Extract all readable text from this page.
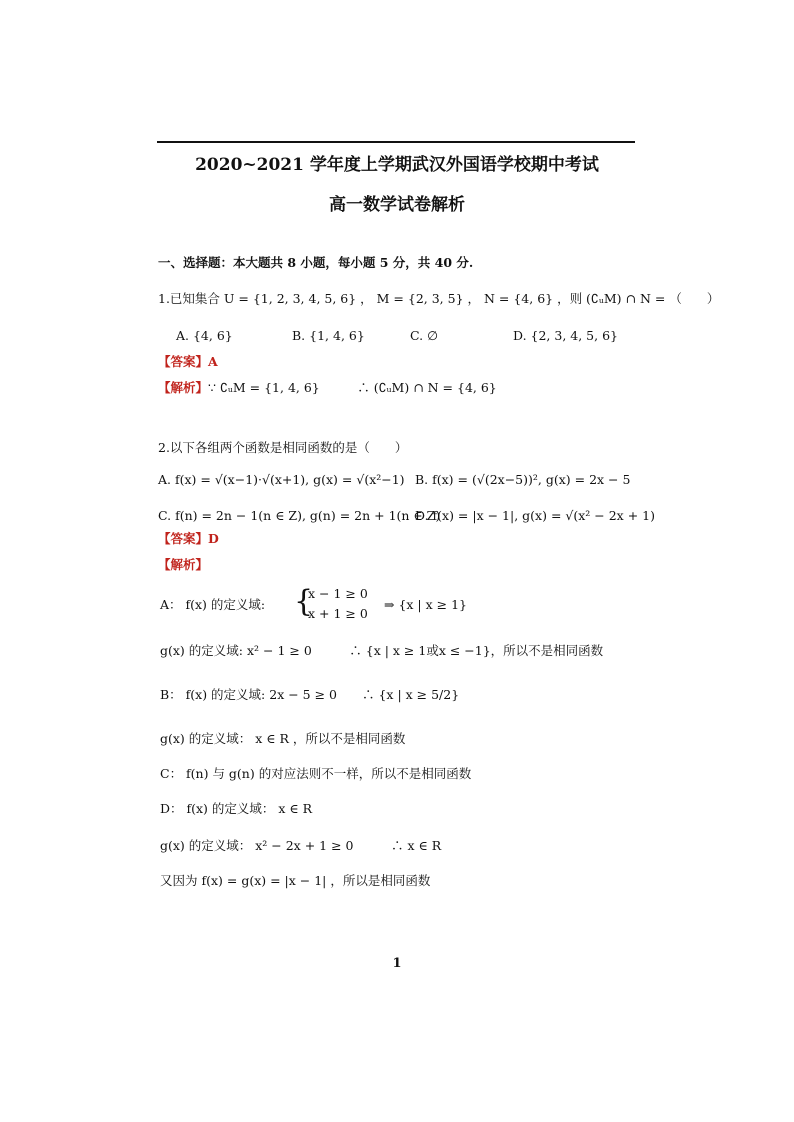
2020~2021 学年度上学期武汉外国语学校期中考试
高一数学试卷解析
一、选择题：本大题共 8 小题，每小题 5 分，共 40 分.
1.已知集合 U = {1, 2, 3, 4, 5, 6} ， M = {2, 3, 5} ， N = {4, 6} ，则 (∁ᵤM) ∩ N = （　　）
A. {4, 6}	B. {1, 4, 6}	C. ∅	D. {2, 3, 4, 5, 6}
【答案】A
【解析】∵ ∁ᵤM = {1, 4, 6}　　　∴ (∁ᵤM) ∩ N = {4, 6}
2.以下各组两个函数是相同函数的是（　　）
A. f(x) = √(x−1)·√(x+1), g(x) = √(x²−1) B. f(x) = (√(2x−5))², g(x) = 2x − 5
C. f(n) = 2n − 1(n ∈ Z), g(n) = 2n + 1(n ∈ Z)
D. f(x) = |x − 1|, g(x) = √(x² − 2x + 1)
【答案】D
【解析】
A： f(x) 的定义域: {
x − 1 ≥ 0
x + 1 ≥ 0
⇒ {x | x ≥ 1}
g(x) 的定义域: x² − 1 ≥ 0　　　∴ {x | x ≥ 1或x ≤ −1}，所以不是相同函数
B： f(x) 的定义域: 2x − 5 ≥ 0　　∴ {x | x ≥ 5/2}
g(x) 的定义域： x ∈ R ，所以不是相同函数
C： f(n) 与 g(n) 的对应法则不一样，所以不是相同函数
D： f(x) 的定义域： x ∈ R
g(x) 的定义域： x² − 2x + 1 ≥ 0　　　∴ x ∈ R
又因为 f(x) = g(x) = |x − 1| ，所以是相同函数
1
